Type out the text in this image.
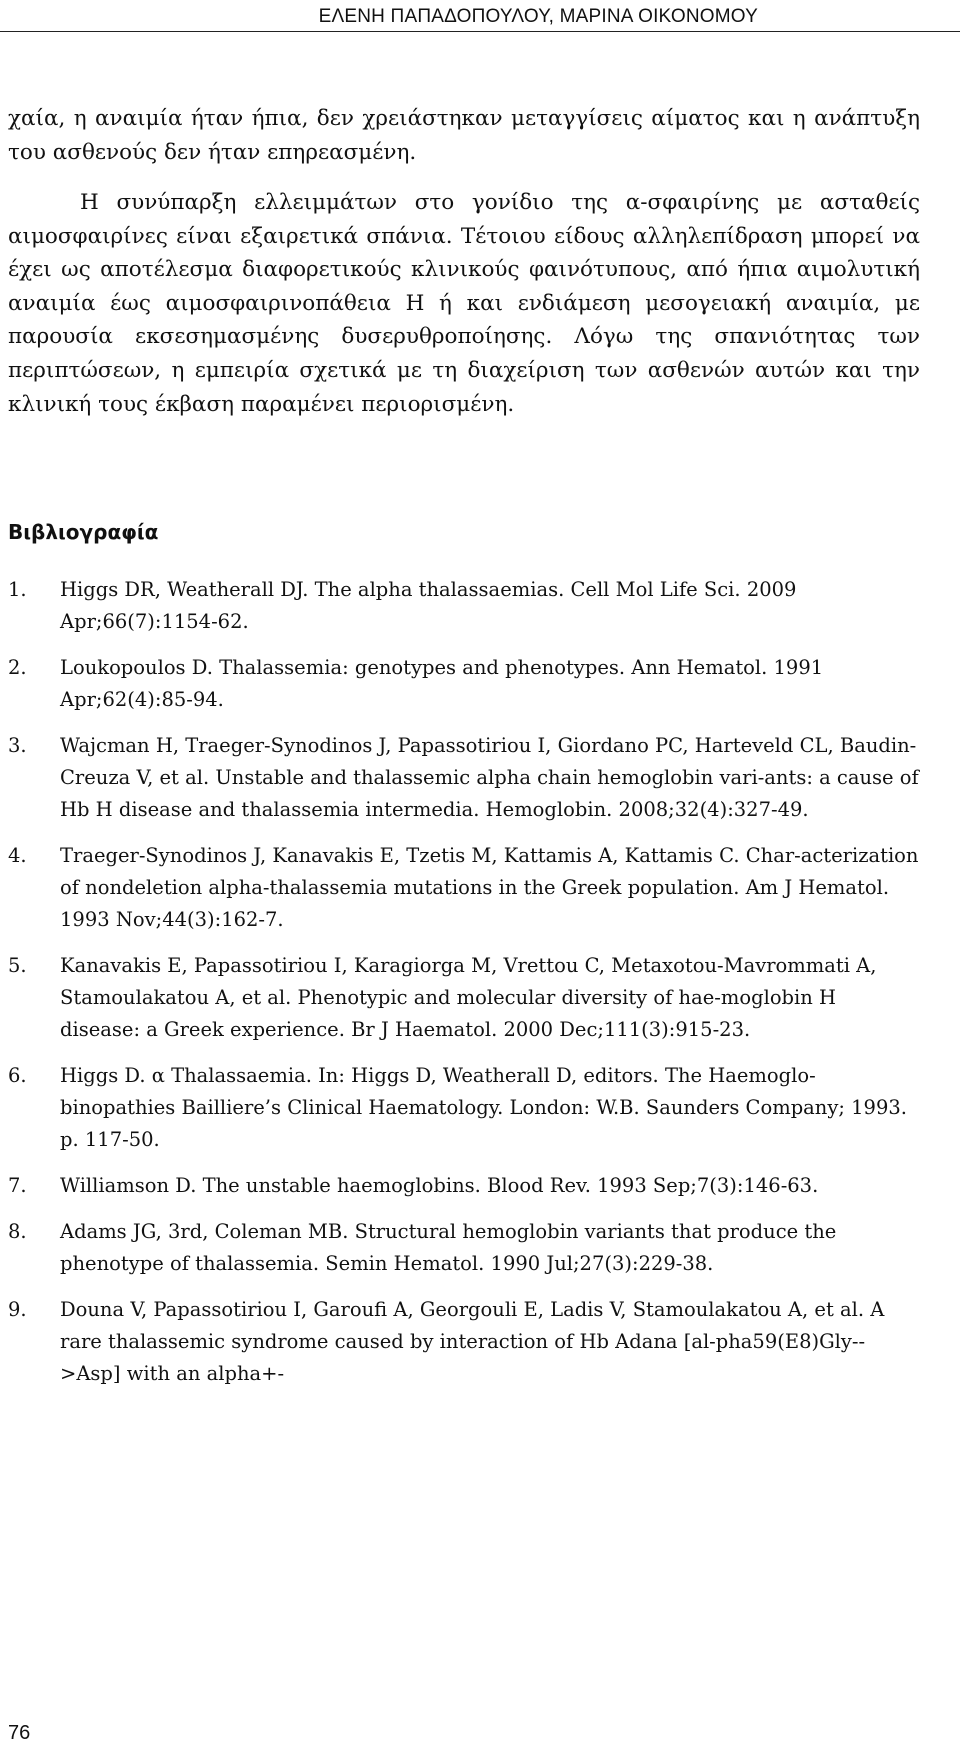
ΕΛΕΝΗ ΠΑΠΑΔΟΠΟΥΛΟΥ, ΜΑΡΙΝΑ ΟΙΚΟΝΟΜΟΥ

χαία, η αναιμία ήταν ήπια, δεν χρειάστηκαν μεταγγίσεις αίματος και η ανάπτυξη του ασθενούς δεν ήταν επηρεασμένη.

Η συνύπαρξη ελλειμμάτων στο γονίδιο της α-σφαιρίνης με ασταθείς αιμοσφαιρίνες είναι εξαιρετικά σπάνια. Τέτοιου είδους αλληλεπίδραση μπορεί να έχει ως αποτέλεσμα διαφορετικούς κλινικούς φαινότυπους, από ήπια αιμολυτική αναιμία έως αιμοσφαιρινοπάθεια Η ή και ενδιάμεση μεσογειακή αναιμία, με παρουσία εκσεσημασμένης δυσερυθροποίησης. Λόγω της σπανιότητας των περιπτώσεων, η εμπειρία σχετικά με τη διαχείριση των ασθενών αυτών και την κλινική τους έκβαση παραμένει περιορισμένη.

Βιβλιογραφία
1. Higgs DR, Weatherall DJ. The alpha thalassaemias. Cell Mol Life Sci. 2009 Apr;66(7):1154-62.
2. Loukopoulos D. Thalassemia: genotypes and phenotypes. Ann Hematol. 1991 Apr;62(4):85-94.
3. Wajcman H, Traeger-Synodinos J, Papassotiriou I, Giordano PC, Harteveld CL, Baudin-Creuza V, et al. Unstable and thalassemic alpha chain hemoglobin vari-ants: a cause of Hb H disease and thalassemia intermedia. Hemoglobin. 2008;32(4):327-49.
4. Traeger-Synodinos J, Kanavakis E, Tzetis M, Kattamis A, Kattamis C. Char-acterization of nondeletion alpha-thalassemia mutations in the Greek population. Am J Hematol. 1993 Nov;44(3):162-7.
5. Kanavakis E, Papassotiriou I, Karagiorga M, Vrettou C, Metaxotou-Mavrommati A, Stamoulakatou A, et al. Phenotypic and molecular diversity of hae-moglobin H disease: a Greek experience. Br J Haematol. 2000 Dec;111(3):915-23.
6. Higgs D. α Thalassaemia. In: Higgs D, Weatherall D, editors. The Haemoglo-binopathies Bailliere’s Clinical Haematology. London: W.B. Saunders Company; 1993. p. 117-50.
7. Williamson D. The unstable haemoglobins. Blood Rev. 1993 Sep;7(3):146-63.
8. Adams JG, 3rd, Coleman MB. Structural hemoglobin variants that produce the phenotype of thalassemia. Semin Hematol. 1990 Jul;27(3):229-38.
9. Douna V, Papassotiriou I, Garoufi A, Georgouli E, Ladis V, Stamoulakatou A, et al. A rare thalassemic syndrome caused by interaction of Hb Adana [al-pha59(E8)Gly-->Asp] with an alpha+-
76
